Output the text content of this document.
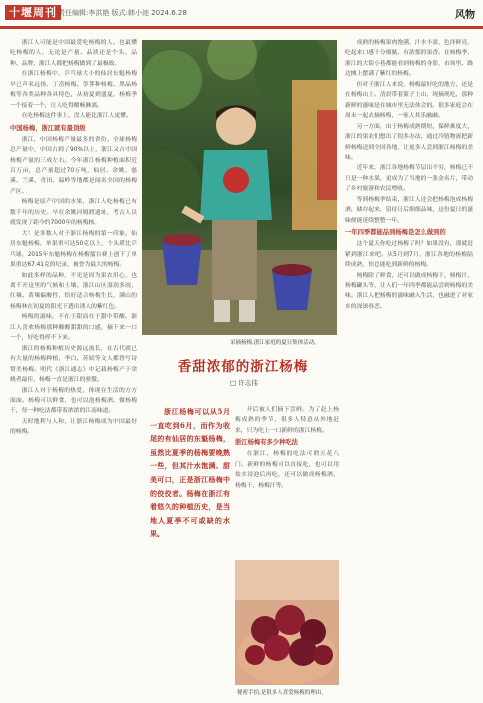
十堰周刊 责任编辑:李洪艳 版式:韩小池 2024.6.28	风物

浙江人可能是中国最爱吃杨梅的人。也最懂吃杨梅的人。无论是产量、品质还是个头、品种、品牌，浙江人都把杨梅做到了最极致。

在浙江杨梅中，乒乓球大小的仙居东魁杨梅早已声名远扬，丁岙杨梅、荸荠种杨梅、黑晶杨梅等各类品种各具特色，从初夏到盛夏，杨梅季一个接着一个，让人吃得酣畅淋漓。

在吃杨梅这件事上，没人能比浙江人更懂。

中国杨梅，浙江就有最顶级

浙江，中国杨梅产量最多的省份。全球杨梅总产量中，中国占到了90%以上，浙江又占中国杨梅产量的三成左右。今年浙江杨梅种植面积近百万亩，总产量超过70万吨，仙居、余姚、慈溪、兰溪、青田、温岭等地都是闻名全国的杨梅产区。

杨梅是原产中国的水果，浙江人吃杨梅已有数千年的历史。早在余姚河姆渡遗址，考古人员就发现了距今约7000年的杨梅核。

大！是多数人对于浙江杨梅的第一印象。仙居东魁杨梅，单果重可达50克以上，个头堪比乒乓球，2015年东魁杨梅在杨梅擂台赛上创下了单果重达67.41克的纪录，被誉为最大的杨梅。

如此多样的品种，不光是因为果农用心，也离不开这里的气候和土壤。浙江山区湿润多雨，红壤、黄壤偏酸性，恰好适合杨梅生长，满山的杨梅林在初夏的阳光下透出诱人的紫红色。

杨梅的滋味，不在于甜而在于甜中带酸。浙江人喜欢杨梅那种酸酸甜甜的口感，摘下来一口一个，好吃得停不下来。

浙江的杨梅种植历史源远流长，在古代就已有大量的杨梅种植，李白、苏轼等文人都曾写诗赞美杨梅。明代《浙江通志》中记载杨梅产于余姚者最佳，杨梅一直是浙江的骄傲。

浙江人对于杨梅的热爱，体现在生活的方方面面。杨梅可以鲜食，也可以泡杨梅酒、做杨梅干，每一种吃法都带着浓浓的江南味道。

天时地利与人和，让浙江杨梅成为中国最好的杨梅。

成熟的杨梅果肉饱满，汁水丰盈，色泽鲜亮，吃起来口感十分细腻，有浓郁的果香。在杨梅季，浙江的大街小巷都能看到杨梅的身影，市场里、路边摊上摆满了紫红的杨梅。

但对于浙江人来说，杨梅最好吃的地方，还是在杨梅山上。清晨带着篮子上山，现摘现吃，那种新鲜的滋味是在城市里无法体会的。很多家庭会在周末一起去摘杨梅，一家人其乐融融。

另一方面，由于杨梅成熟期短，保鲜难度大，浙江的果农们想出了很多办法，通过冷链物流把新鲜杨梅送到全国各地，让更多人尝到浙江杨梅的美味。

近年来，浙江各地杨梅节层出不穷，杨梅已不只是一种水果，更成为了当地的一张金名片，带动了乡村旅游和农民增收。

等到杨梅季结束，浙江人还会把杨梅泡成杨梅酒，储存起来，留待日后细细品味，这份夏日的滋味便能延续整整一年。

一年四季都能品到杨梅是怎么做到的

这个夏天你吃过杨梅了吗？如果没有，那就赶紧到浙江来吧。从5月到7月，浙江各地的杨梅陆续成熟，你总能吃到新鲜的杨梅。

杨梅除了鲜食，还可以做成杨梅干、杨梅汁、杨梅罐头等，让人们一年四季都能品尝到杨梅的美味。浙江人把杨梅的滋味融入生活，也融进了对家乡的深深眷恋。

采摘杨梅,浙江家庭的夏日集体活动。
香甜浓郁的浙江杨梅
□ 许志伟

浙江杨梅可以从5月一直吃到6月，而作为收尾的有仙居的东魁杨梅，虽然比夏季的杨梅要晚熟一些，但其汁水饱满、甜美可口，正是浙江杨梅中的佼佼者。杨梅在浙江有着悠久的种植历史，是当地人夏季不可或缺的水果。

开后被人们摘下尝鲜。为了赶上杨梅成熟的季节，很多人特意从外地赶来，只为吃上一口新鲜的浙江杨梅。

浙江杨梅有多少种吃法

在浙江，杨梅的吃法可谓五花八门。新鲜的杨梅可以直接吃，也可以用盐水浸泡后再吃，还可以做成杨梅酒、杨梅干、杨梅汁等。

秘密手拍,是很多人喜爱杨梅的理由。
